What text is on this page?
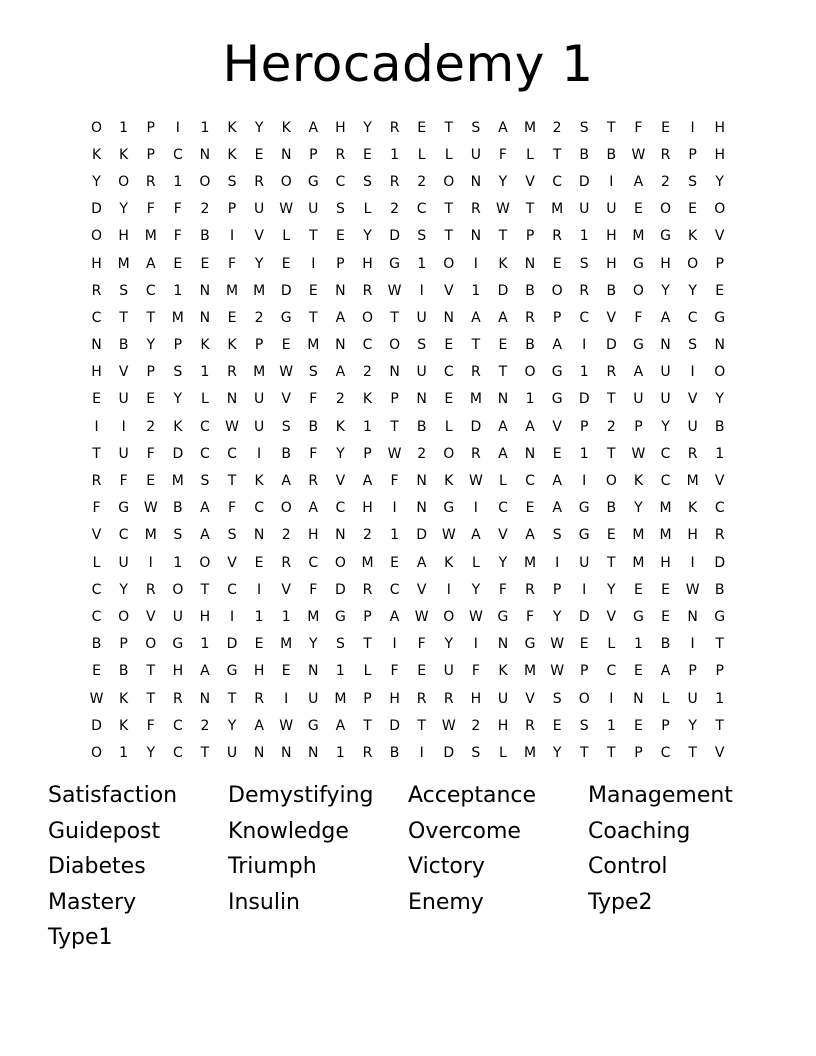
Herocademy 1
O	1	P	I	1	K	Y	K	A	H	Y	R	E	T	S	A	M	2	S	T	F	E	I	H
K	K	P	C	N	K	E	N	P	R	E	1	L	L	U	F	L	T	B	B	W	R	P	H
Y	O	R	1	O	S	R	O	G	C	S	R	2	O	N	Y	V	C	D	I	A	2	S	Y
D	Y	F	F	2	P	U	W	U	S	L	2	C	T	R	W	T	M	U	U	E	O	E	O
O	H	M	F	B	I	V	L	T	E	Y	D	S	T	N	T	P	R	1	H	M	G	K	V
H	M	A	E	E	F	Y	E	I	P	H	G	1	O	I	K	N	E	S	H	G	H	O	P
R	S	C	1	N	M	M	D	E	N	R	W	I	V	1	D	B	O	R	B	O	Y	Y	E
C	T	T	M	N	E	2	G	T	A	O	T	U	N	A	A	R	P	C	V	F	A	C	G
N	B	Y	P	K	K	P	E	M	N	C	O	S	E	T	E	B	A	I	D	G	N	S	N
H	V	P	S	1	R	M	W	S	A	2	N	U	C	R	T	O	G	1	R	A	U	I	O
E	U	E	Y	L	N	U	V	F	2	K	P	N	E	M	N	1	G	D	T	U	U	V	Y
I	I	2	K	C	W	U	S	B	K	1	T	B	L	D	A	A	V	P	2	P	Y	U	B
T	U	F	D	C	C	I	B	F	Y	P	W	2	O	R	A	N	E	1	T	W	C	R	1
R	F	E	M	S	T	K	A	R	V	A	F	N	K	W	L	C	A	I	O	K	C	M	V
F	G	W	B	A	F	C	O	A	C	H	I	N	G	I	C	E	A	G	B	Y	M	K	C
V	C	M	S	A	S	N	2	H	N	2	1	D	W	A	V	A	S	G	E	M	M	H	R
L	U	I	1	O	V	E	R	C	O	M	E	A	K	L	Y	M	I	U	T	M	H	I	D
C	Y	R	O	T	C	I	V	F	D	R	C	V	I	Y	F	R	P	I	Y	E	E	W	B
C	O	V	U	H	I	1	1	M	G	P	A	W	O	W	G	F	Y	D	V	G	E	N	G
B	P	O	G	1	D	E	M	Y	S	T	I	F	Y	I	N	G	W	E	L	1	B	I	T
E	B	T	H	A	G	H	E	N	1	L	F	E	U	F	K	M	W	P	C	E	A	P	P
W	K	T	R	N	T	R	I	U	M	P	H	R	R	H	U	V	S	O	I	N	L	U	1
D	K	F	C	2	Y	A	W	G	A	T	D	T	W	2	H	R	E	S	1	E	P	Y	T
O	1	Y	C	T	U	N	N	N	1	R	B	I	D	S	L	M	Y	T	T	P	C	T	V
Satisfaction	Demystifying	Acceptance	Management
Guidepost	Knowledge	Overcome	Coaching
Diabetes	Triumph	Victory	Control
Mastery	Insulin	Enemy	Type2
Type1
